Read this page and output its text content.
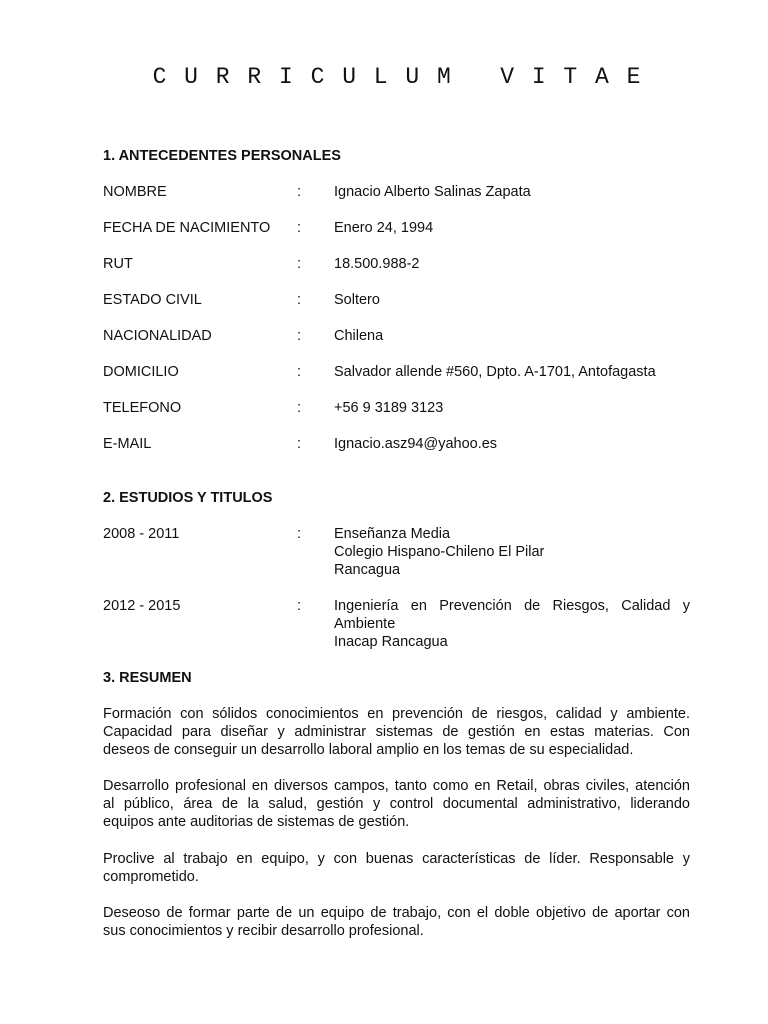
C U R R I C U L U M   V I T A E
1. ANTECEDENTES PERSONALES
NOMBRE	: Ignacio Alberto Salinas Zapata
FECHA DE NACIMIENTO : Enero 24, 1994
RUT	: 18.500.988-2
ESTADO CIVIL	: Soltero
NACIONALIDAD	: Chilena
DOMICILIO	: Salvador allende #560, Dpto. A-1701, Antofagasta
TELEFONO	: +56 9 3189 3123
E-MAIL	: Ignacio.asz94@yahoo.es
2. ESTUDIOS Y TITULOS
2008 - 2011	: Enseñanza Media
Colegio Hispano-Chileno El Pilar
Rancagua
2012 - 2015	: Ingeniería en Prevención de Riesgos, Calidad y
Ambiente
Inacap Rancagua
3. RESUMEN
Formación con sólidos conocimientos en prevención de riesgos, calidad y ambiente.
Capacidad para diseñar y administrar sistemas de gestión en estas materias. Con
deseos de conseguir un desarrollo laboral amplio en los temas de su especialidad.
Desarrollo profesional en diversos campos, tanto como en Retail, obras civiles, atención
al público, área de la salud, gestión y control documental administrativo, liderando
equipos ante auditorias de sistemas de gestión.
Proclive al trabajo en equipo, y con buenas características de líder. Responsable y
comprometido.
Deseoso de formar parte de un equipo de trabajo, con el doble objetivo de aportar con
sus conocimientos y recibir desarrollo profesional.
